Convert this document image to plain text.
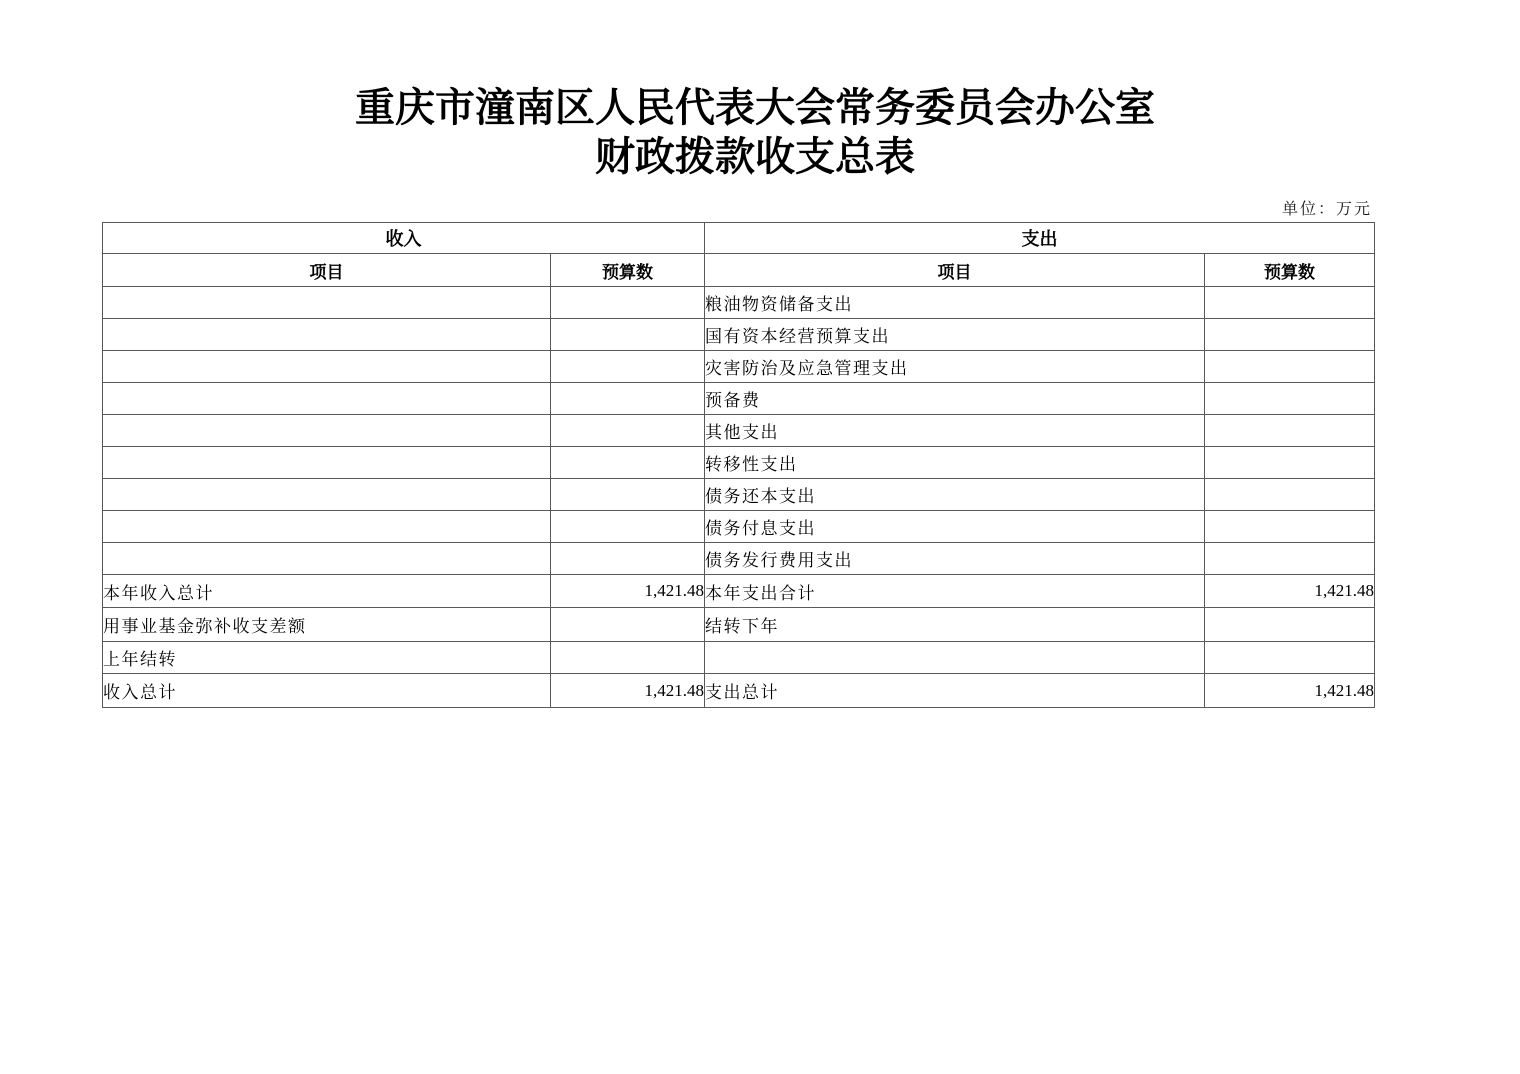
重庆市潼南区人民代表大会常务委员会办公室
财政拨款收支总表
单位：万元
收入		支出	
项目	预算数	项目	预算数
		粮油物资储备支出	
		国有资本经营预算支出	
		灾害防治及应急管理支出	
		预备费	
		其他支出	
		转移性支出	
		债务还本支出	
		债务付息支出	
		债务发行费用支出	
本年收入总计	1,421.48	本年支出合计	1,421.48
用事业基金弥补收支差额		结转下年	
上年结转			
收入总计	1,421.48	支出总计	1,421.48
